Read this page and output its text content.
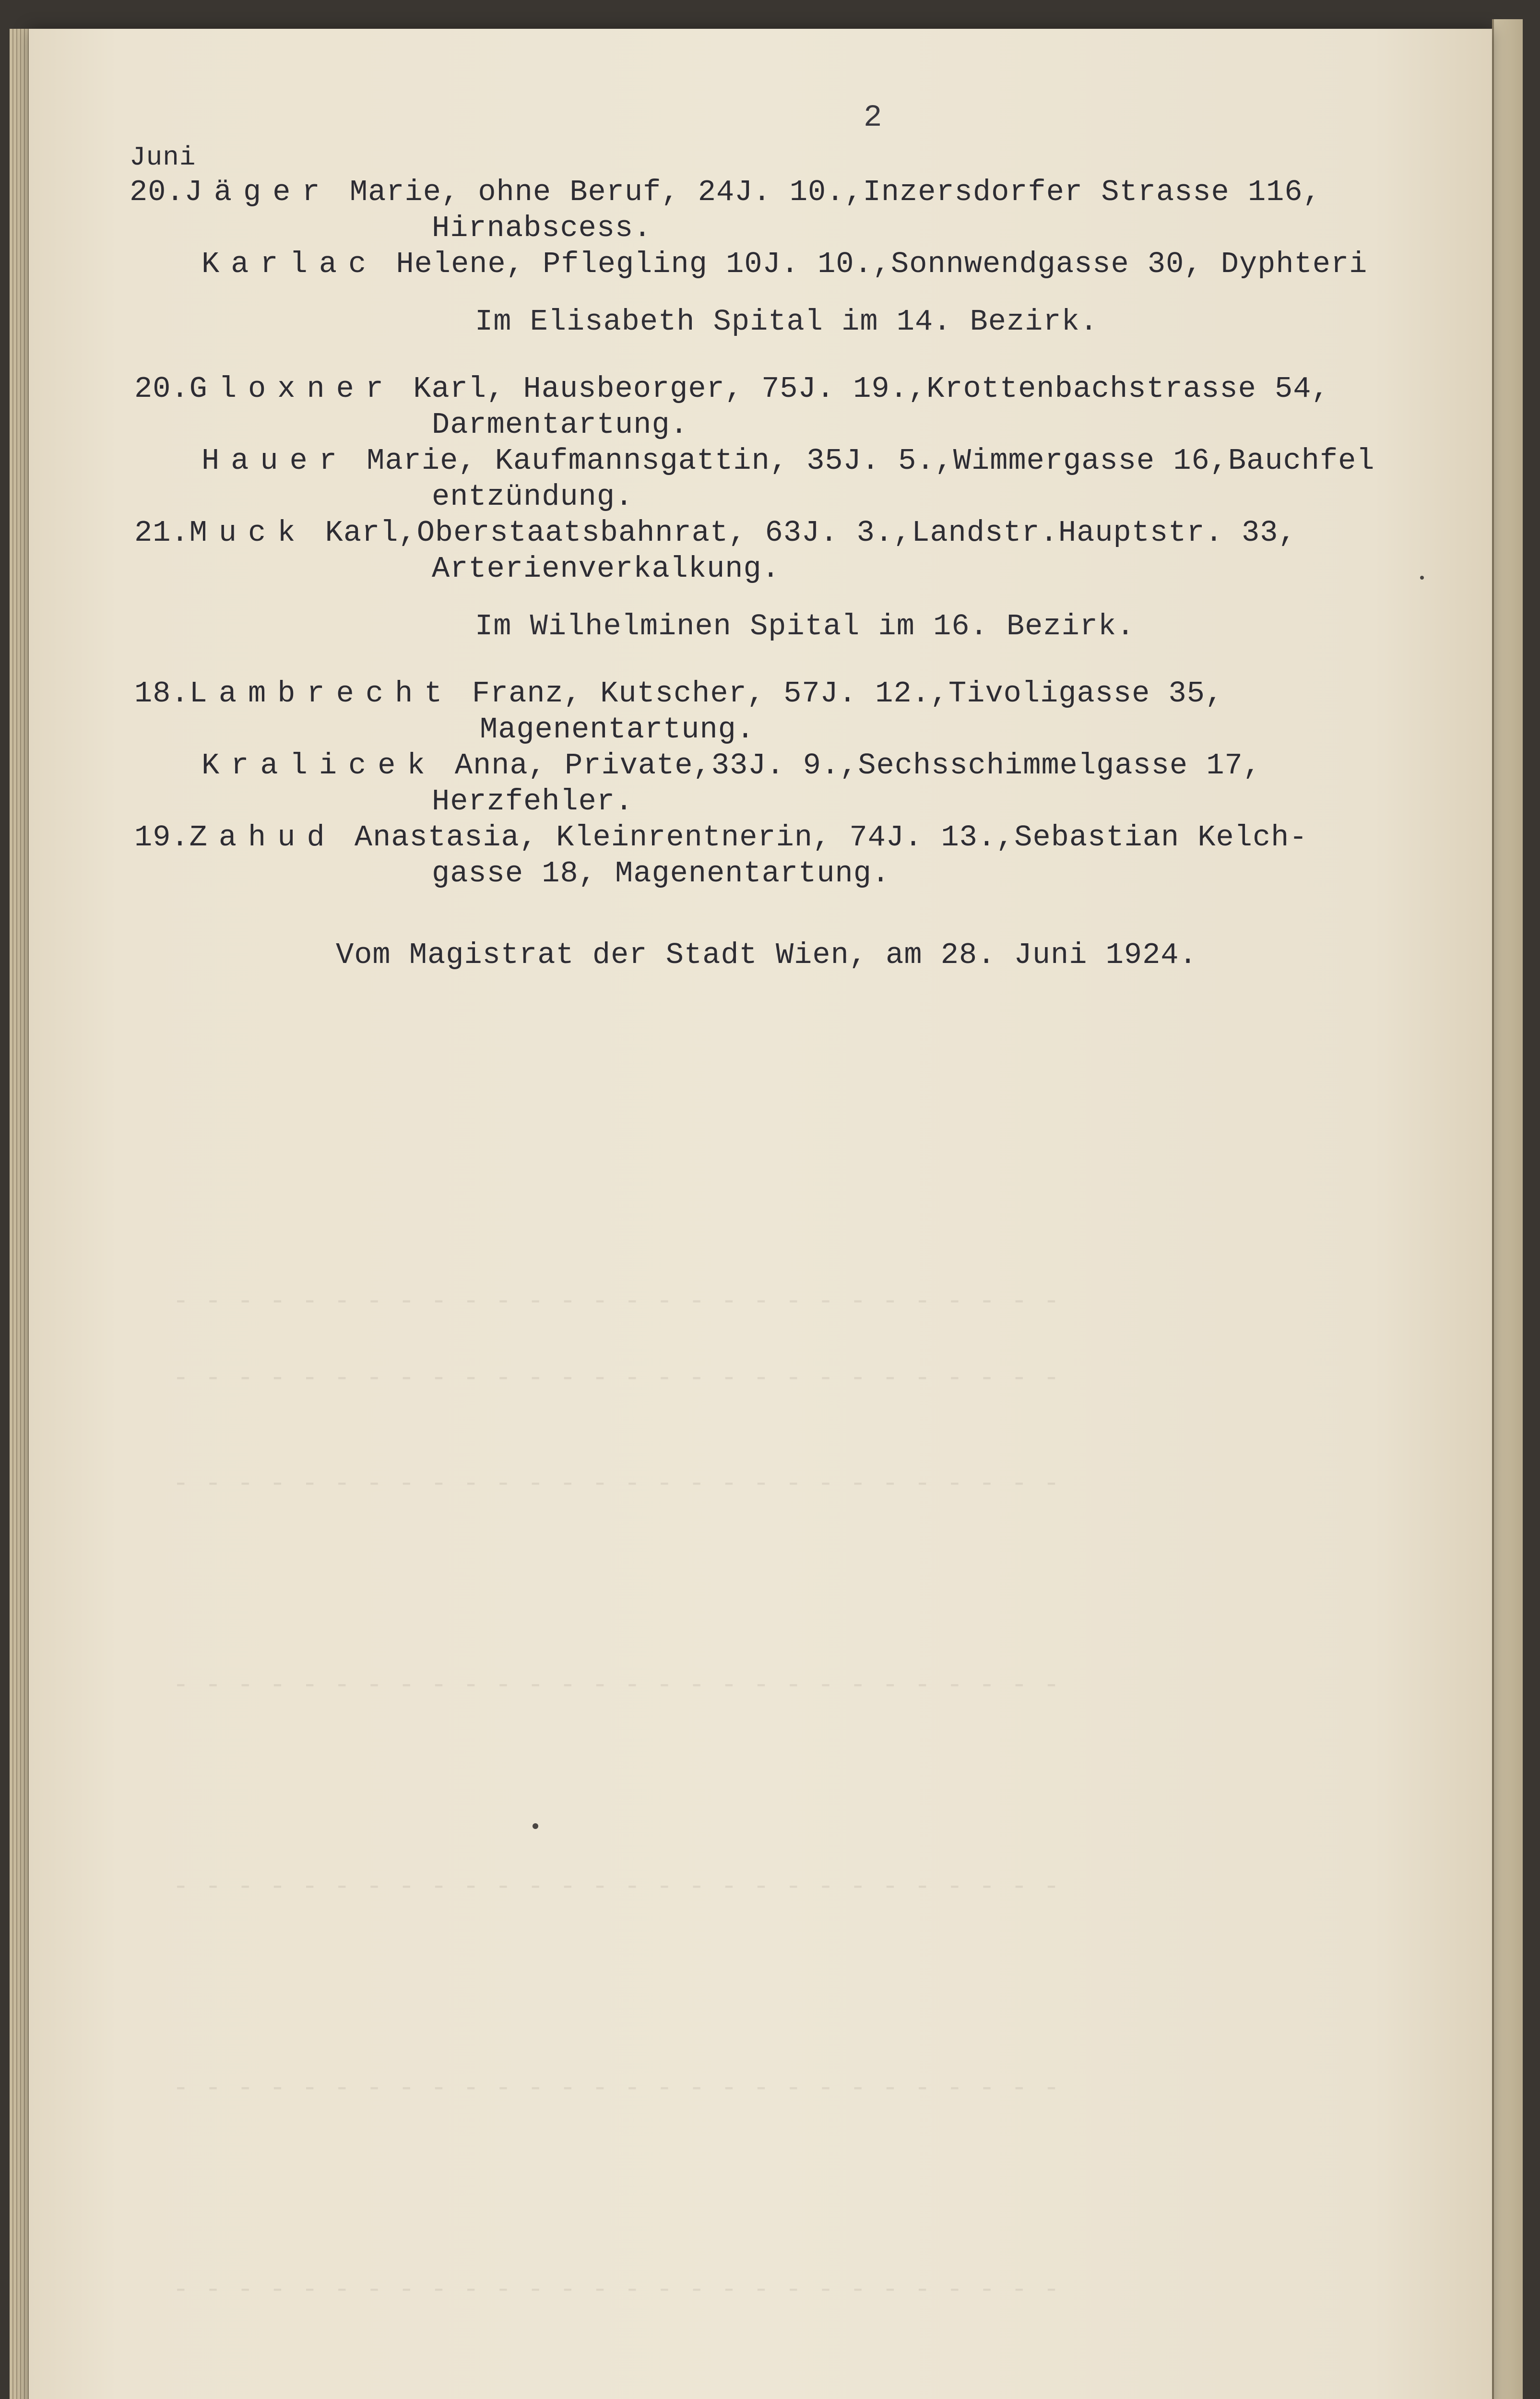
- - - - - - - - - - - - - - - - - - - - - - - - - - - -
- - - - - - - - - - - - - - - - - - - - - - - - - - - -
- - - - - - - - - - - - - - - - - - - - - - - - - - - -
- - - - - - - - - - - - - - - - - - - - - - - - - - - -
- - - - - - - - - - - - - - - - - - - - - - - - - - - -
- - - - - - - - - - - - - - - - - - - - - - - - - - - -
- - - - - - - - - - - - - - - - - - - - - - - - - - - -
2
Juni
20.Jäger Marie, ohne Beruf, 24J. 10.,Inzersdorfer Strasse 116,
Hirnabscess.
Karlac Helene, Pflegling 10J. 10.,Sonnwendgasse 30, Dyphteri
Im Elisabeth Spital im 14. Bezirk.
20.Gloxner Karl, Hausbeorger, 75J. 19.,Krottenbachstrasse 54,
Darmentartung.
Hauer Marie, Kaufmannsgattin, 35J. 5.,Wimmergasse 16,Bauchfel
entzündung.
21.Muck Karl,Oberstaatsbahnrat, 63J. 3.,Landstr.Hauptstr. 33,
Arterienverkalkung.
Im Wilhelminen Spital im 16. Bezirk.
18.Lambrecht Franz, Kutscher, 57J. 12.,Tivoligasse 35,
Magenentartung.
Kralicek Anna, Private,33J. 9.,Sechsschimmelgasse 17,
Herzfehler.
19.Zahud Anastasia, Kleinrentnerin, 74J. 13.,Sebastian Kelch-
gasse 18, Magenentartung.
Vom Magistrat der Stadt Wien, am 28. Juni 1924.
